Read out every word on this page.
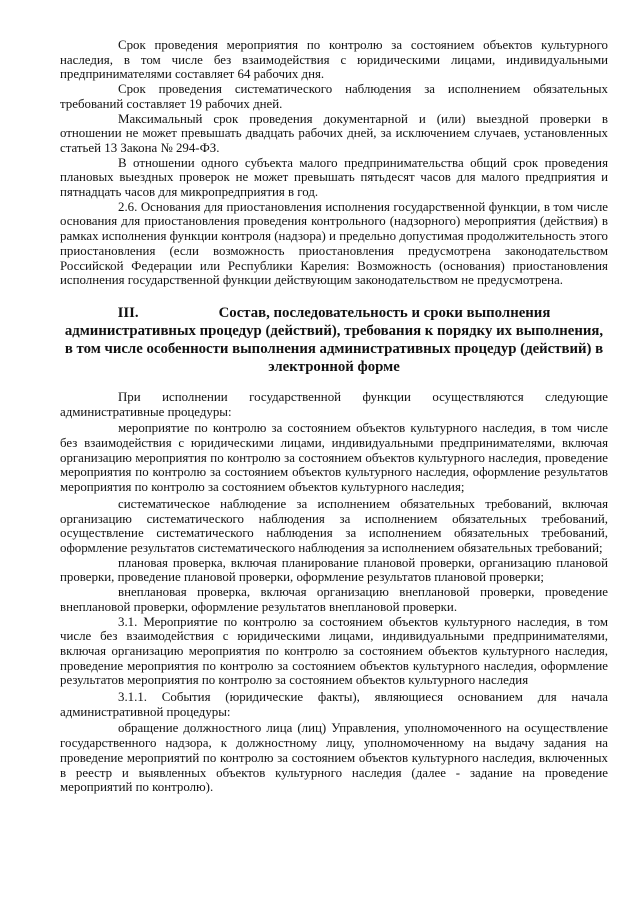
Срок проведения мероприятия по контролю за состоянием объектов культурного наследия, в том числе без взаимодействия с юридическими лицами, индивидуальными предпринимателями составляет 64 рабочих дня.

Срок проведения систематического наблюдения за исполнением обязательных требований составляет 19 рабочих дней.

Максимальный срок проведения документарной и (или) выездной проверки в отношении не может превышать двадцать рабочих дней, за исключением случаев, установленных статьей 13 Закона № 294-ФЗ.

В отношении одного субъекта малого предпринимательства общий срок проведения плановых выездных проверок не может превышать пятьдесят часов для малого предприятия и пятнадцать часов для микропредприятия в год.

2.6. Основания для приостановления исполнения государственной функции, в том числе основания для приостановления проведения контрольного (надзорного) мероприятия (действия) в рамках исполнения функции контроля (надзора) и предельно допустимая продолжительность этого приостановления (если возможность приостановления предусмотрена законодательством Российской Федерации или Республики Карелия: Возможность (основания) приостановления исполнения государственной функции действующим законодательством не предусмотрена.

III.	Состав, последовательность и сроки выполнения административных процедур (действий), требования к порядку их выполнения, в том числе особенности выполнения административных процедур (действий) в электронной форме

При исполнении государственной функции осуществляются следующие административные процедуры:

мероприятие по контролю за состоянием объектов культурного наследия, в том числе без взаимодействия с юридическими лицами, индивидуальными предпринимателями, включая организацию мероприятия по контролю за состоянием объектов культурного наследия, проведение мероприятия по контролю за состоянием объектов культурного наследия, оформление результатов мероприятия по контролю за состоянием объектов культурного наследия;

систематическое наблюдение за исполнением обязательных требований, включая организацию систематического наблюдения за исполнением обязательных требований, осуществление систематического наблюдения за исполнением обязательных требований, оформление результатов систематического наблюдения за исполнением обязательных требований;

плановая проверка, включая планирование плановой проверки, организацию плановой проверки, проведение плановой проверки, оформление результатов плановой проверки;

внеплановая проверка, включая организацию внеплановой проверки, проведение внеплановой проверки, оформление результатов внеплановой проверки.

3.1. Мероприятие по контролю за состоянием объектов культурного наследия, в том числе без взаимодействия с юридическими лицами, индивидуальными предпринимателями, включая организацию мероприятия по контролю за состоянием объектов культурного наследия, проведение мероприятия по контролю за состоянием объектов культурного наследия, оформление результатов мероприятия по контролю за состоянием объектов культурного наследия

3.1.1. События (юридические факты), являющиеся основанием для начала административной процедуры:

обращение должностного лица (лиц) Управления, уполномоченного на осуществление государственного надзора, к должностному лицу, уполномоченному на выдачу задания на проведение мероприятий по контролю за состоянием объектов культурного наследия, включенных в реестр и выявленных объектов культурного наследия (далее - задание на проведение мероприятий по контролю).
